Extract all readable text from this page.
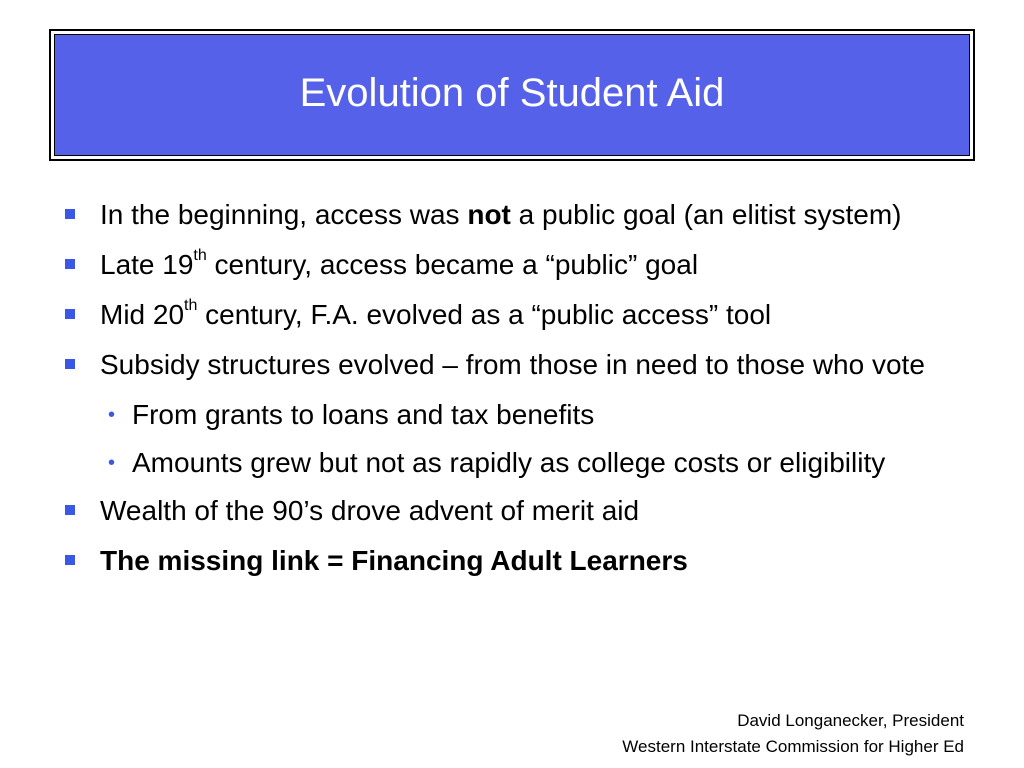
Evolution of Student Aid
In the beginning, access was not a public goal (an elitist system)
Late 19th century, access became a “public” goal
Mid 20th century, F.A. evolved as a “public access” tool
Subsidy structures evolved – from those in need to those who vote
• From grants to loans and tax benefits
• Amounts grew but not as rapidly as college costs or eligibility
Wealth of the 90’s drove advent of merit aid
The missing link = Financing Adult Learners
David Longanecker, President
Western Interstate Commission for Higher Ed
